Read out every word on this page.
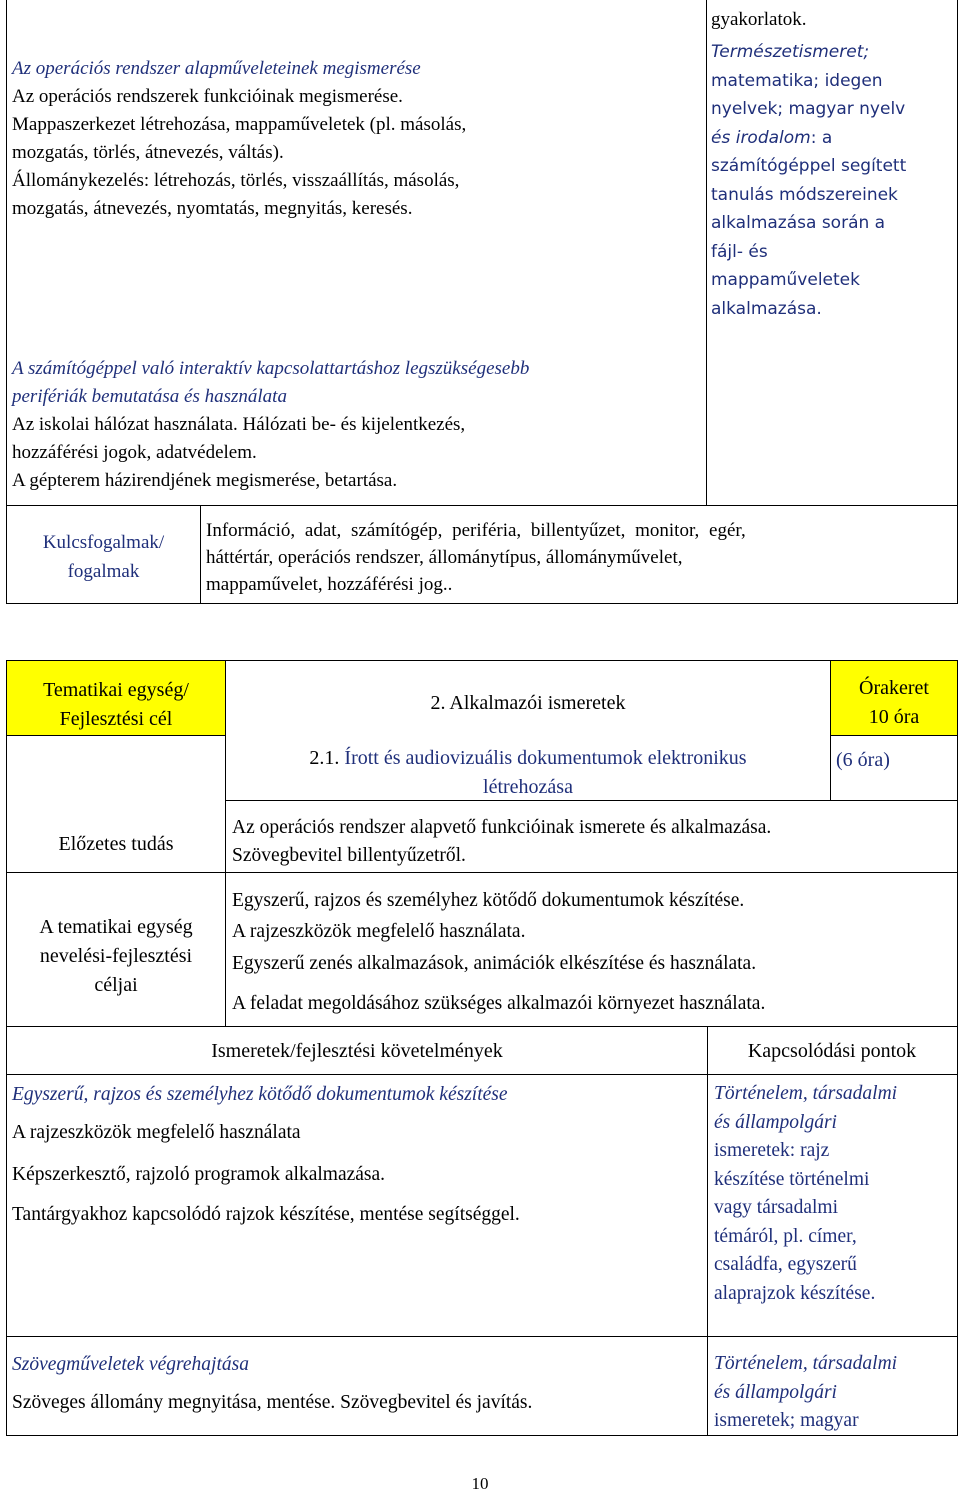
Az operációs rendszer alapműveleteinek megismerése
Az operációs rendszerek funkcióinak megismerése.
Mappaszerkezet létrehozása, mappaműveletek (pl. másolás,
mozgatás, törlés, átnevezés, váltás).
Állománykezelés: létrehozás, törlés, visszaállítás, másolás,
mozgatás, átnevezés, nyomtatás, megnyitás, keresés.
A számítógéppel való interaktív kapcsolattartáshoz legszükségesebb
perifériák bemutatása és használata
Az iskolai hálózat használata. Hálózati be- és kijelentkezés,
hozzáférési jogok, adatvédelem.
A gépterem házirendjének megismerése, betartása.
gyakorlatok.
Természetismeret;
matematika; idegen
nyelvek; magyar nyelv
és irodalom: a
számítógéppel segített
tanulás módszereinek
alkalmazása során a
fájl- és
mappaműveletek
alkalmazása.
Kulcsfogalmak/
fogalmak
Információ, adat, számítógép, periféria, billentyűzet, monitor, egér,
háttértár, operációs rendszer, állománytípus, állományművelet,
mappaművelet, hozzáférési jog..
Tematikai egység/
Fejlesztési cél
2. Alkalmazói ismeretek
Órakeret
10 óra
2.1. Írott és audiovizuális dokumentumok elektronikus
létrehozása
(6 óra)
Előzetes tudás
Az operációs rendszer alapvető funkcióinak ismerete és alkalmazása.
Szövegbevitel billentyűzetről.
A tematikai egység
nevelési-fejlesztési
céljai
Egyszerű, rajzos és személyhez kötődő dokumentumok készítése.
A rajzeszközök megfelelő használata.
Egyszerű zenés alkalmazások, animációk elkészítése és használata.
A feladat megoldásához szükséges alkalmazói környezet használata.
Ismeretek/fejlesztési követelmények	Kapcsolódási pontok
Egyszerű, rajzos és személyhez kötődő dokumentumok készítése
A rajzeszközök megfelelő használata
Képszerkesztő, rajzoló programok alkalmazása.
Tantárgyakhoz kapcsolódó rajzok készítése, mentése segítséggel.
Történelem, társadalmi
és állampolgári
ismeretek: rajz
készítése történelmi
vagy társadalmi
témáról, pl. címer,
családfa, egyszerű
alaprajzok készítése.
Szövegműveletek végrehajtása
Szöveges állomány megnyitása, mentése. Szövegbevitel és javítás.
Történelem, társadalmi
és állampolgári
ismeretek; magyar
10
